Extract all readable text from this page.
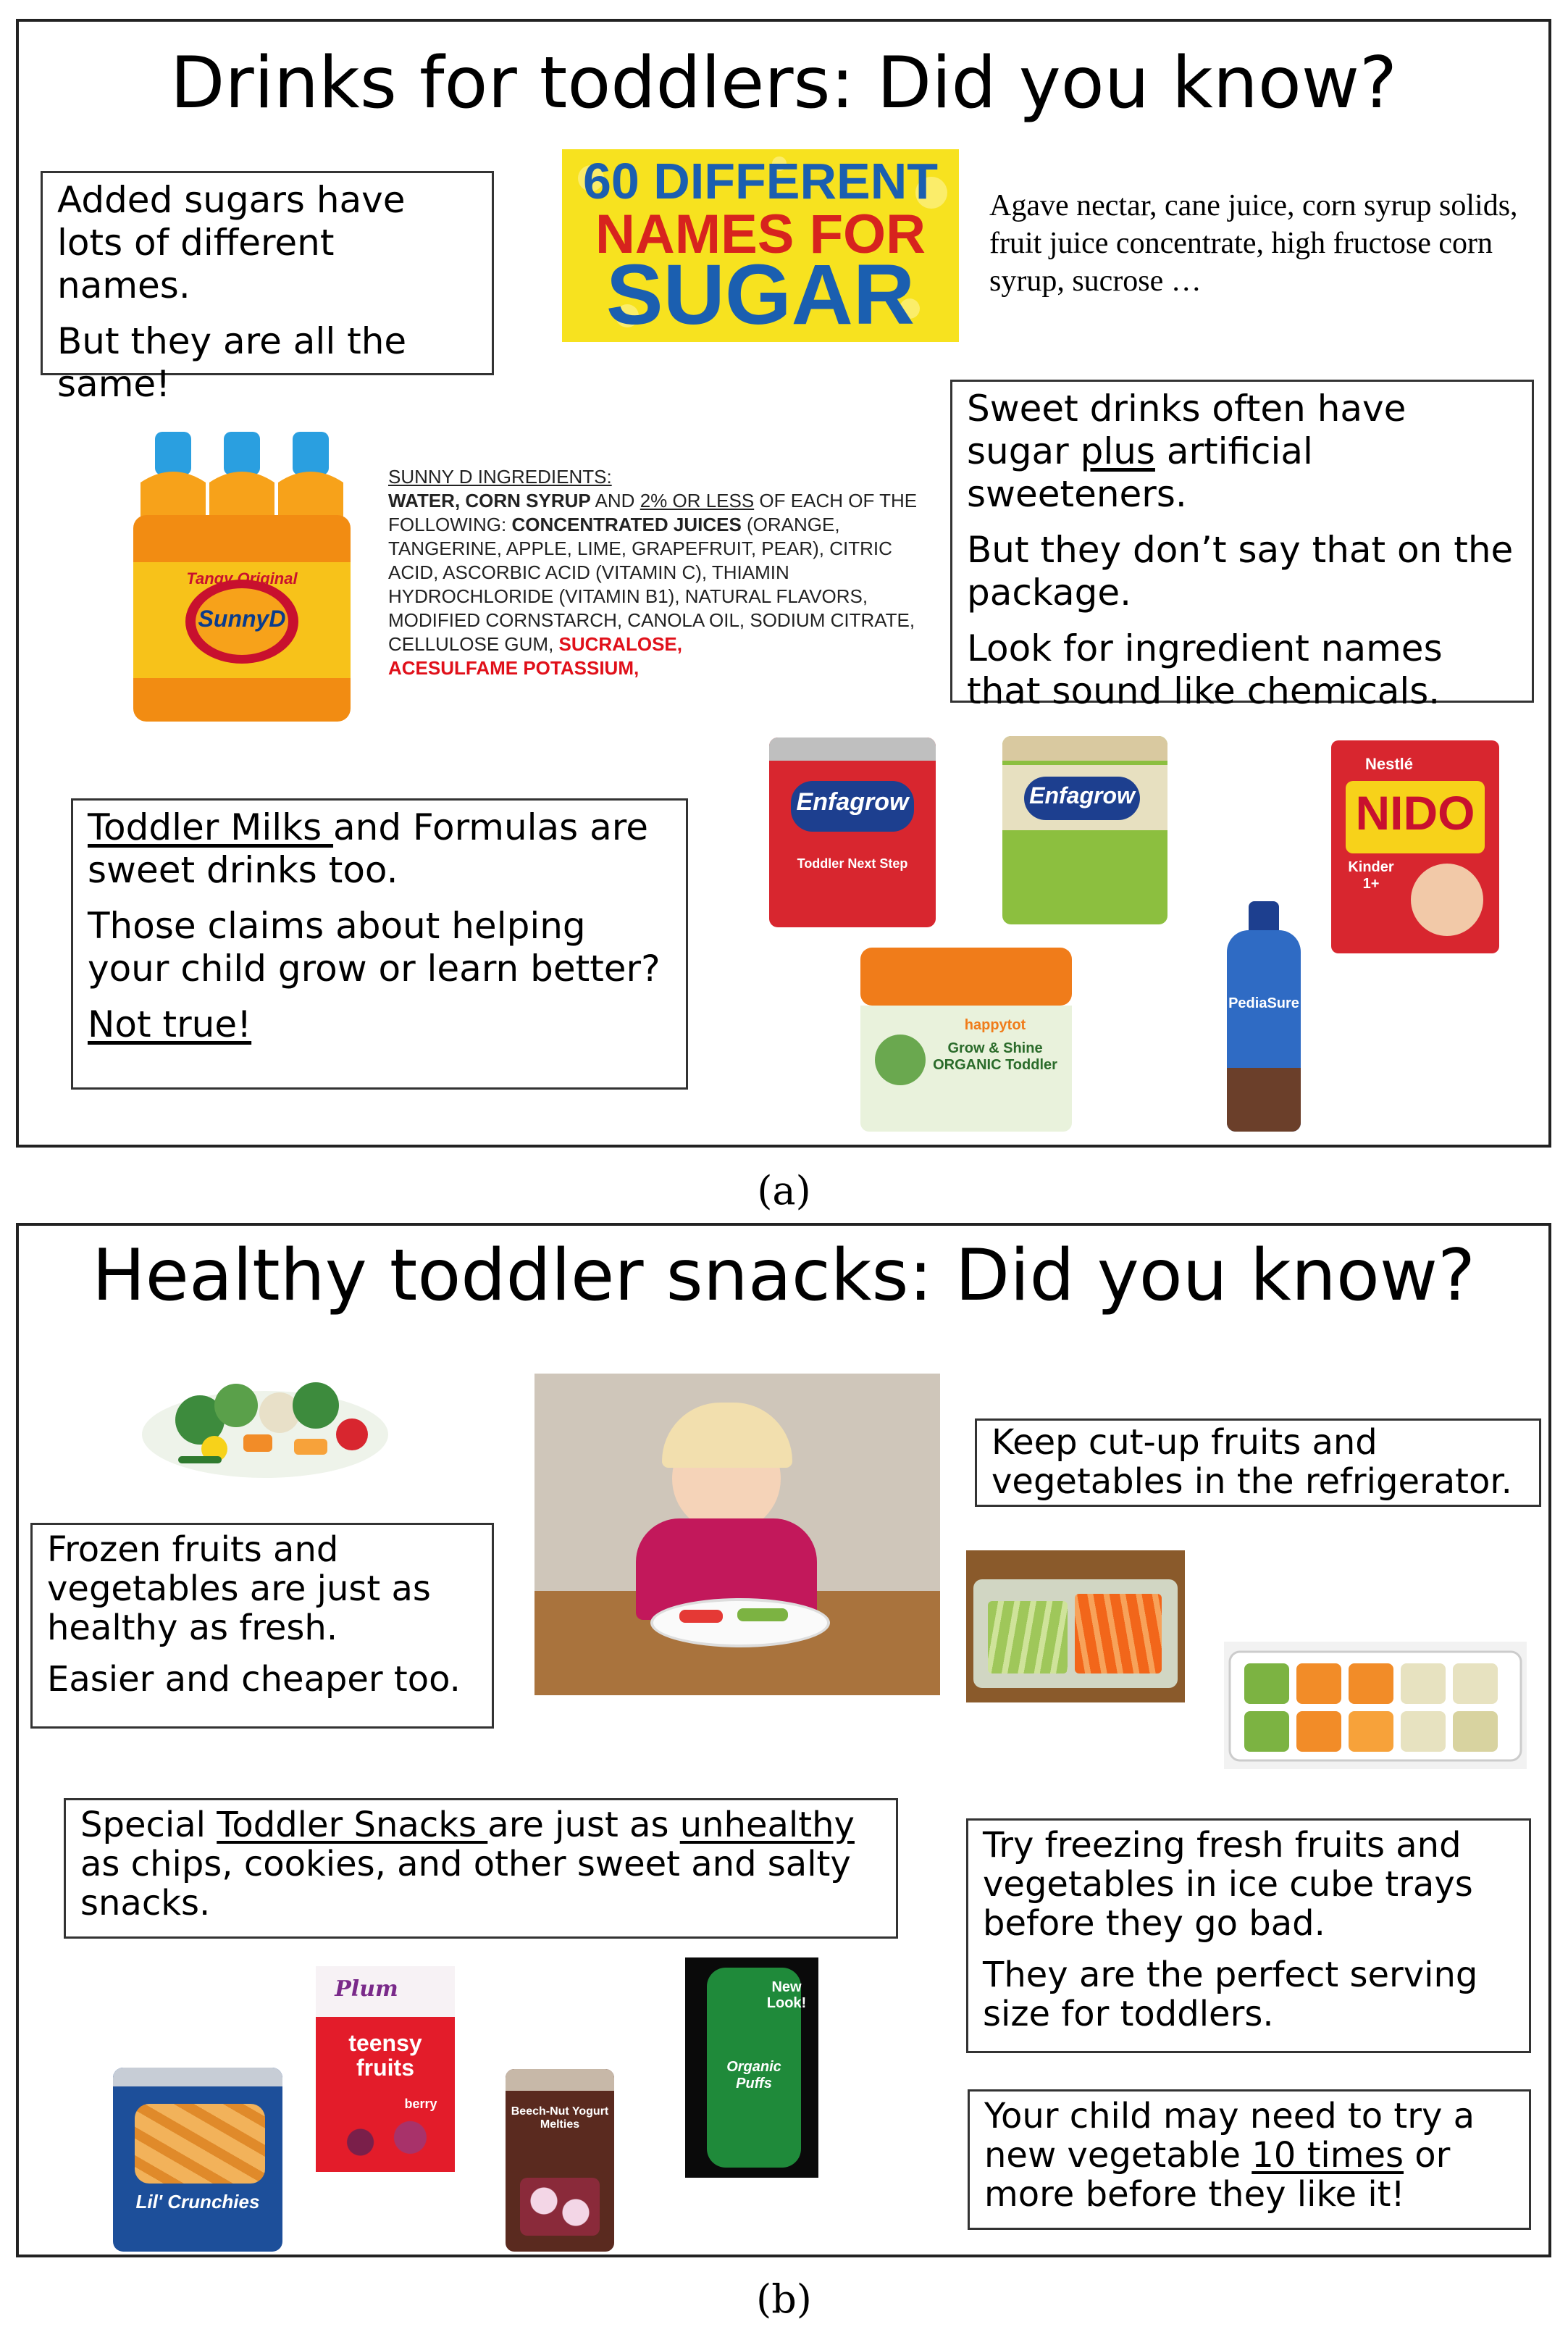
Drinks for toddlers: Did you know?

Added sugars have lots of different names.

But they are all the same!

60 DIFFERENT
NAMES FOR
SUGAR
Agave nectar, cane juice, corn syrup solids, fruit juice concentrate, high fructose corn syrup, sucrose …

Sweet drinks often have sugar plus artificial sweeteners.

But they don’t say that on the package.

Look for ingredient names that sound like chemicals.

SunnyD
Tangy Original
SUNNY D INGREDIENTS:
WATER, CORN SYRUP AND 2% OR LESS OF EACH OF THE FOLLOWING: CONCENTRATED JUICES (ORANGE, TANGERINE, APPLE, LIME, GRAPEFRUIT, PEAR), CITRIC ACID, ASCORBIC ACID (VITAMIN C), THIAMIN HYDROCHLORIDE (VITAMIN B1), NATURAL FLAVORS, MODIFIED CORNSTARCH, CANOLA OIL, SODIUM CITRATE, CELLULOSE GUM, SUCRALOSE,
ACESULFAME POTASSIUM,

Toddler Milks and Formulas are sweet drinks too.

Those claims about helping your child grow or learn better?

Not true!

Enfagrow
Toddler Next Step
Enfagrow
Nestlé
NIDO
Kinder 1+
happytot
Grow & Shine ORGANIC Toddler
PediaSure
(a)
Healthy toddler snacks: Did you know?

Frozen fruits and vegetables are just as healthy as fresh.

Easier and cheaper too.

Keep cut-up fruits and vegetables in the refrigerator.

Special Toddler Snacks are just as unhealthy as chips, cookies, and other sweet and salty snacks.

Try freezing fresh fruits and vegetables in ice cube trays before they go bad.

They are the perfect serving size for toddlers.

Your child may need to try a new vegetable 10 times or more before they like it!

Lil' Crunchies
Plum
teensy fruits
berry
Beech-Nut Yogurt Melties
New Look!
Organic Puffs
(b)
